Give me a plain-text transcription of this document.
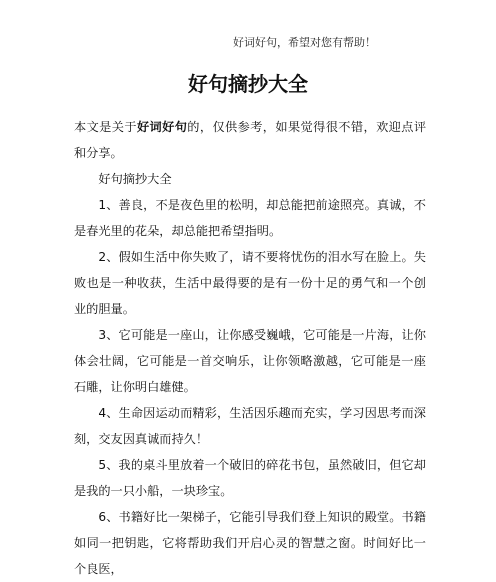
好词好句，希望对您有帮助！
好句摘抄大全

本文是关于好词好句的，仅供参考，如果觉得很不错，欢迎点评和分享。

好句摘抄大全

1、善良，不是夜色里的松明，却总能把前途照亮。真诚，不是春光里的花朵，却总能把希望指明。

2、假如生活中你失败了，请不要将忧伤的泪水写在脸上。失败也是一种收获，生活中最得要的是有一份十足的勇气和一个创业的胆量。

3、它可能是一座山，让你感受巍峨，它可能是一片海，让你体会壮阔，它可能是一首交响乐，让你领略激越，它可能是一座石雕，让你明白雄健。

4、生命因运动而精彩，生活因乐趣而充实，学习因思考而深刻，交友因真诚而持久！

5、我的桌斗里放着一个破旧的碎花书包，虽然破旧，但它却是我的一只小船，一块珍宝。

6、书籍好比一架梯子，它能引导我们登上知识的殿堂。书籍如同一把钥匙，它将帮助我们开启心灵的智慧之窗。时间好比一个良医，
